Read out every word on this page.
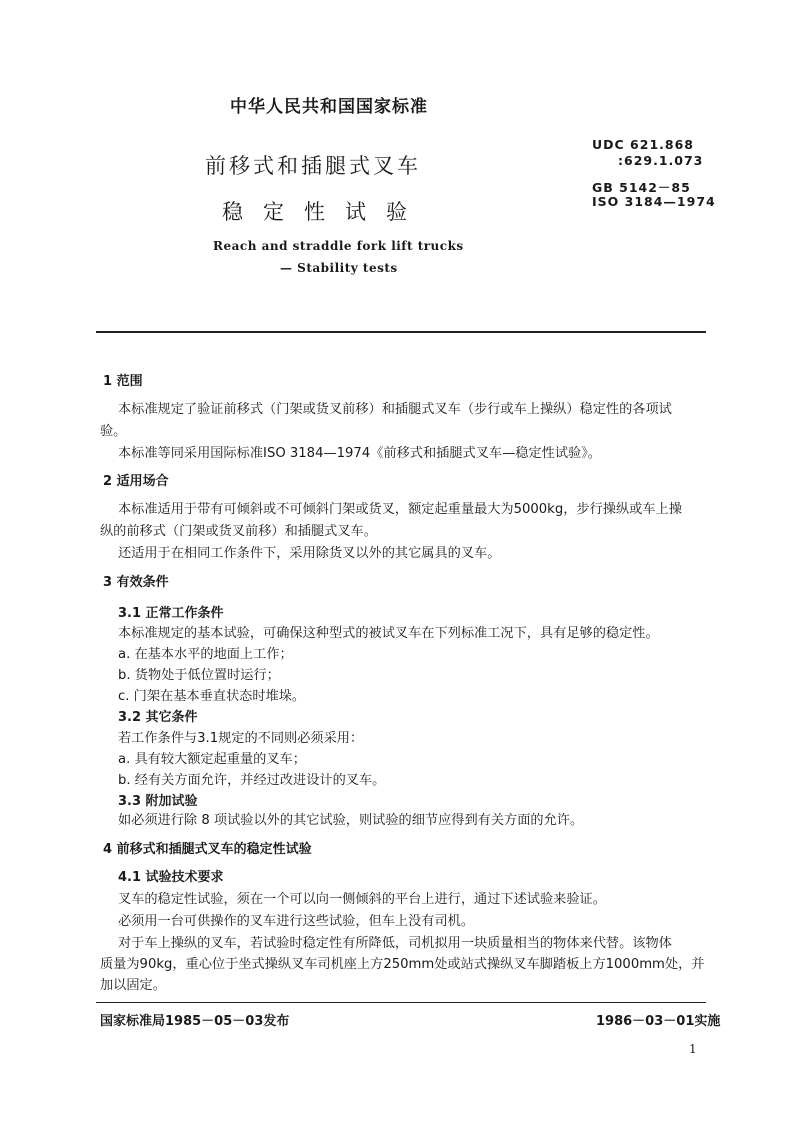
中华人民共和国国家标准
前移式和插腿式叉车
稳定性试验
Reach and straddle fork lift trucks
— Stability tests
UDC 621.868
:629.1.073
GB 5142－85
ISO 3184—1974
1 范围
本标准规定了验证前移式（门架或货叉前移）和插腿式叉车（步行或车上操纵）稳定性的各项试
验。
本标准等同采用国际标准ISO 3184—1974《前移式和插腿式叉车—稳定性试验》。
2 适用场合
本标准适用于带有可倾斜或不可倾斜门架或货叉，额定起重量最大为5000kg，步行操纵或车上操
纵的前移式（门架或货叉前移）和插腿式叉车。
还适用于在相同工作条件下，采用除货叉以外的其它属具的叉车。
3 有效条件
3.1 正常工作条件
本标准规定的基本试验，可确保这种型式的被试叉车在下列标准工况下，具有足够的稳定性。
a. 在基本水平的地面上工作；
b. 货物处于低位置时运行；
c. 门架在基本垂直状态时堆垛。
3.2 其它条件
若工作条件与3.1规定的不同则必须采用：
a. 具有较大额定起重量的叉车；
b. 经有关方面允许，并经过改进设计的叉车。
3.3 附加试验
如必须进行除 8 项试验以外的其它试验，则试验的细节应得到有关方面的允许。
4 前移式和插腿式叉车的稳定性试验
4.1 试验技术要求
叉车的稳定性试验，须在一个可以向一侧倾斜的平台上进行，通过下述试验来验证。
必须用一台可供操作的叉车进行这些试验，但车上没有司机。
对于车上操纵的叉车，若试验时稳定性有所降低，司机拟用一块质量相当的物体来代替。该物体
质量为90kg，重心位于坐式操纵叉车司机座上方250mm处或站式操纵叉车脚踏板上方1000mm处，并
加以固定。
国家标准局1985－05－03发布	1986－03－01实施
1
